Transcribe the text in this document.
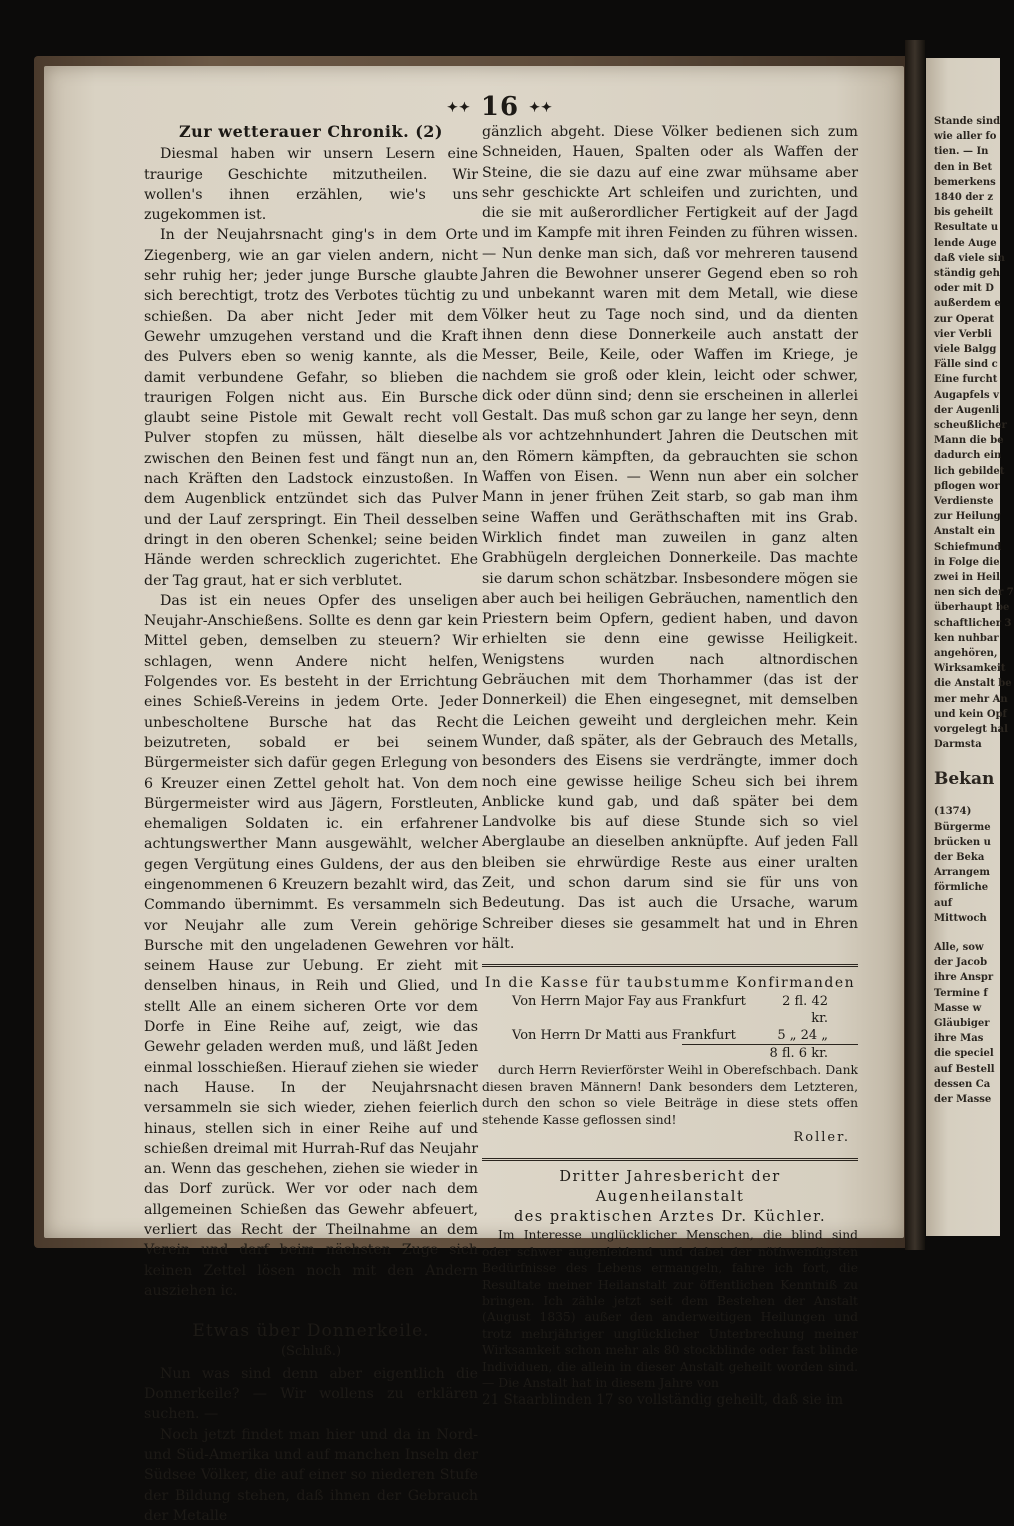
Stande sind
wie aller fo
tien. — In
den in Bet
bemerkens
1840 der z
bis geheilt
Resultate u
lende Auge
daß viele sin
ständig geh
oder mit D
außerdem e
zur Operat
vier Verbli
viele Balgg
Fälle sind c
Eine furcht
Augapfels v
der Augenli
scheußlicher
Mann die be
dadurch ein
lich gebildet
pflogen wor
Verdienste
zur Heilung
Anstalt ein
Schiefmund
in Folge die
zwei in Heil
nen sich der 7
überhaupt be
schaftlicher 3
ken nuhbar
angehören,
Wirksamkeit
die Anstalt be
mer mehr An
und kein Opf
vorgelegt hal
Darmsta
Bekan
(1374)
Bürgerme
brücken u
der Beka
Arrangem
förmliche
auf
Mittwoch
Alle, sow
der Jacob
ihre Anspr
Termine f
Masse w
Gläubiger
ihre Mas
die speciel
auf Bestell
dessen Ca
der Masse
✦✦ 16 ✦✦
Zur wetterauer Chronik. (2)

Diesmal haben wir unsern Lesern eine traurige Geschichte mitzutheilen. Wir wollen's ihnen erzählen, wie's uns zugekommen ist.

In der Neujahrsnacht ging's in dem Orte Ziegenberg, wie an gar vielen andern, nicht sehr ruhig her; jeder junge Bursche glaubte sich berechtigt, trotz des Verbotes tüchtig zu schießen. Da aber nicht Jeder mit dem Gewehr umzugehen verstand und die Kraft des Pulvers eben so wenig kannte, als die damit verbundene Gefahr, so blieben die traurigen Folgen nicht aus. Ein Bursche glaubt seine Pistole mit Gewalt recht voll Pulver stopfen zu müssen, hält dieselbe zwischen den Beinen fest und fängt nun an, nach Kräften den Ladstock einzustoßen. In dem Augenblick entzündet sich das Pulver und der Lauf zerspringt. Ein Theil desselben dringt in den oberen Schenkel; seine beiden Hände werden schrecklich zugerichtet. Ehe der Tag graut, hat er sich verblutet.

Das ist ein neues Opfer des unseligen Neujahr-Anschießens. Sollte es denn gar kein Mittel geben, demselben zu steuern? Wir schlagen, wenn Andere nicht helfen, Folgendes vor. Es besteht in der Errichtung eines Schieß-Vereins in jedem Orte. Jeder unbescholtene Bursche hat das Recht beizutreten, sobald er bei seinem Bürgermeister sich dafür gegen Erlegung von 6 Kreuzer einen Zettel geholt hat. Von dem Bürgermeister wird aus Jägern, Forstleuten, ehemaligen Soldaten ic. ein erfahrener achtungswerther Mann ausgewählt, welcher gegen Vergütung eines Guldens, der aus den eingenommenen 6 Kreuzern bezahlt wird, das Commando übernimmt. Es versammeln sich vor Neujahr alle zum Verein gehörige Bursche mit den ungeladenen Gewehren vor seinem Hause zur Uebung. Er zieht mit denselben hinaus, in Reih und Glied, und stellt Alle an einem sicheren Orte vor dem Dorfe in Eine Reihe auf, zeigt, wie das Gewehr geladen werden muß, und läßt Jeden einmal losschießen. Hierauf ziehen sie wieder nach Hause. In der Neujahrsnacht versammeln sie sich wieder, ziehen feierlich hinaus, stellen sich in einer Reihe auf und schießen dreimal mit Hurrah-Ruf das Neujahr an. Wenn das geschehen, ziehen sie wieder in das Dorf zurück. Wer vor oder nach dem allgemeinen Schießen das Gewehr abfeuert, verliert das Recht der Theilnahme an dem Verein und darf beim nächsten Zuge sich keinen Zettel lösen noch mit den Andern ausziehen ic.

Etwas über Donnerkeile.
(Schluß.)

Nun was sind denn aber eigentlich die Donnerkeile? — Wir wollens zu erklären suchen. —

Noch jetzt findet man hier und da in Nord- und Süd-Amerika und auf manchen Inseln der Südsee Völker, die auf einer so niederen Stufe der Bildung stehen, daß ihnen der Gebrauch der Metalle

gänzlich abgeht. Diese Völker bedienen sich zum Schneiden, Hauen, Spalten oder als Waffen der Steine, die sie dazu auf eine zwar mühsame aber sehr geschickte Art schleifen und zurichten, und die sie mit außerordlicher Fertigkeit auf der Jagd und im Kampfe mit ihren Feinden zu führen wissen. — Nun denke man sich, daß vor mehreren tausend Jahren die Bewohner unserer Gegend eben so roh und unbekannt waren mit dem Metall, wie diese Völker heut zu Tage noch sind, und da dienten ihnen denn diese Donnerkeile auch anstatt der Messer, Beile, Keile, oder Waffen im Kriege, je nachdem sie groß oder klein, leicht oder schwer, dick oder dünn sind; denn sie erscheinen in allerlei Gestalt. Das muß schon gar zu lange her seyn, denn als vor achtzehnhundert Jahren die Deutschen mit den Römern kämpften, da gebrauchten sie schon Waffen von Eisen. — Wenn nun aber ein solcher Mann in jener frühen Zeit starb, so gab man ihm seine Waffen und Geräthschaften mit ins Grab. Wirklich findet man zuweilen in ganz alten Grabhügeln dergleichen Donnerkeile. Das machte sie darum schon schätzbar. Insbesondere mögen sie aber auch bei heiligen Gebräuchen, namentlich den Priestern beim Opfern, gedient haben, und davon erhielten sie denn eine gewisse Heiligkeit. Wenigstens wurden nach altnordischen Gebräuchen mit dem Thorhammer (das ist der Donnerkeil) die Ehen eingesegnet, mit demselben die Leichen geweiht und dergleichen mehr. Kein Wunder, daß später, als der Gebrauch des Metalls, besonders des Eisens sie verdrängte, immer doch noch eine gewisse heilige Scheu sich bei ihrem Anblicke kund gab, und daß später bei dem Landvolke bis auf diese Stunde sich so viel Aberglaube an dieselben anknüpfte. Auf jeden Fall bleiben sie ehrwürdige Reste aus einer uralten Zeit, und schon darum sind sie für uns von Bedeutung. Das ist auch die Ursache, warum Schreiber dieses sie gesammelt hat und in Ehren hält.

In die Kasse für taubstumme Konfirmanden
Von Herrn Major Fay aus Frankfurt	2 fl. 42 kr.
Von Herrn Dr Matti aus Frankfurt	5 „ 24 „
8 fl. 6 kr.

durch Herrn Revierförster Weihl in Oberefschbach. Dank diesen braven Männern! Dank besonders dem Letzteren, durch den schon so viele Beiträge in diese stets offen stehende Kasse geflossen sind!

Roller.
Dritter Jahresbericht der Augenheilanstalt
des praktischen Arztes Dr. Küchler.

Im Interesse unglücklicher Menschen, die blind sind oder schwer augenleidend und dabei der nöthwendigsten Bedürfnisse des Lebens ermangeln, fahre ich fort, die Resultate meiner Heilanstalt zur öffentlichen Kenntniß zu bringen. Ich zähle jetzt seit dem Bestehen der Anstalt (August 1835) außer den anderweitigen Heilungen und trotz mehrjähriger unglücklicher Unterbrechung meiner Wirksamkeit schon mehr als 80 stockblinde oder fast blinde Individuen, die allein in dieser Anstalt geheilt worden sind. — Die Anstalt hat in diesem Jahre von

21 Staarblinden 17 so vollständig geheilt, daß sie im
